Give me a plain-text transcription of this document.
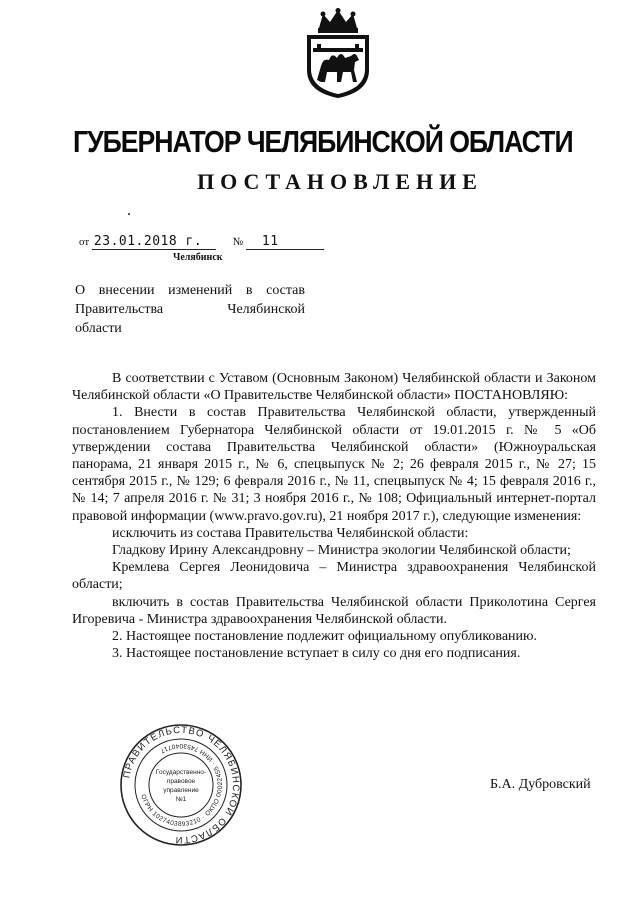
ГУБЕРНАТОР ЧЕЛЯБИНСКОЙ ОБЛАСТИ
ПОСТАНОВЛЕНИЕ
от 23.01.2018 г.	№ 11
Челябинск
О внесении изменений в состав
Правительства Челябинской
области
В соответствии с Уставом (Основным Законом) Челябинской области и Законом Челябинской области «О Правительстве Челябинской области» ПОСТАНОВЛЯЮ:
1. Внести в состав Правительства Челябинской области, утвержденный постановлением Губернатора Челябинской области от 19.01.2015 г. № 5 «Об утверждении состава Правительства Челябинской области» (Южноуральская панорама, 21 января 2015 г., № 6, спецвыпуск № 2; 26 февраля 2015 г., № 27; 15 сентября 2015 г., № 129; 6 февраля 2016 г., № 11, спецвыпуск № 4; 15 февраля 2016 г., № 14; 7 апреля 2016 г. № 31; 3 ноября 2016 г., № 108; Официальный интернет-портал правовой информации (www.pravo.gov.ru), 21 ноября 2017 г.), следующие изменения:
исключить из состава Правительства Челябинской области:
Гладкову Ирину Александровну – Министра экологии Челябинской области;
Кремлева Сергея Леонидовича – Министра здравоохранения Челябинской области;
включить в состав Правительства Челябинской области Приколотина Сергея Игоревича - Министра здравоохранения Челябинской области.
2. Настоящее постановление подлежит официальному опубликованию.
3. Настоящее постановление вступает в силу со дня его подписания.
ПРАВИТЕЛЬСТВО ЧЕЛЯБИНСКОЙ ОБЛАСТИ
ОГРН 1027403893210 · ОКПО 00022455 · ИНН 7453040717
Государственно-
правовое
управление
№1
Б.А. Дубровский
